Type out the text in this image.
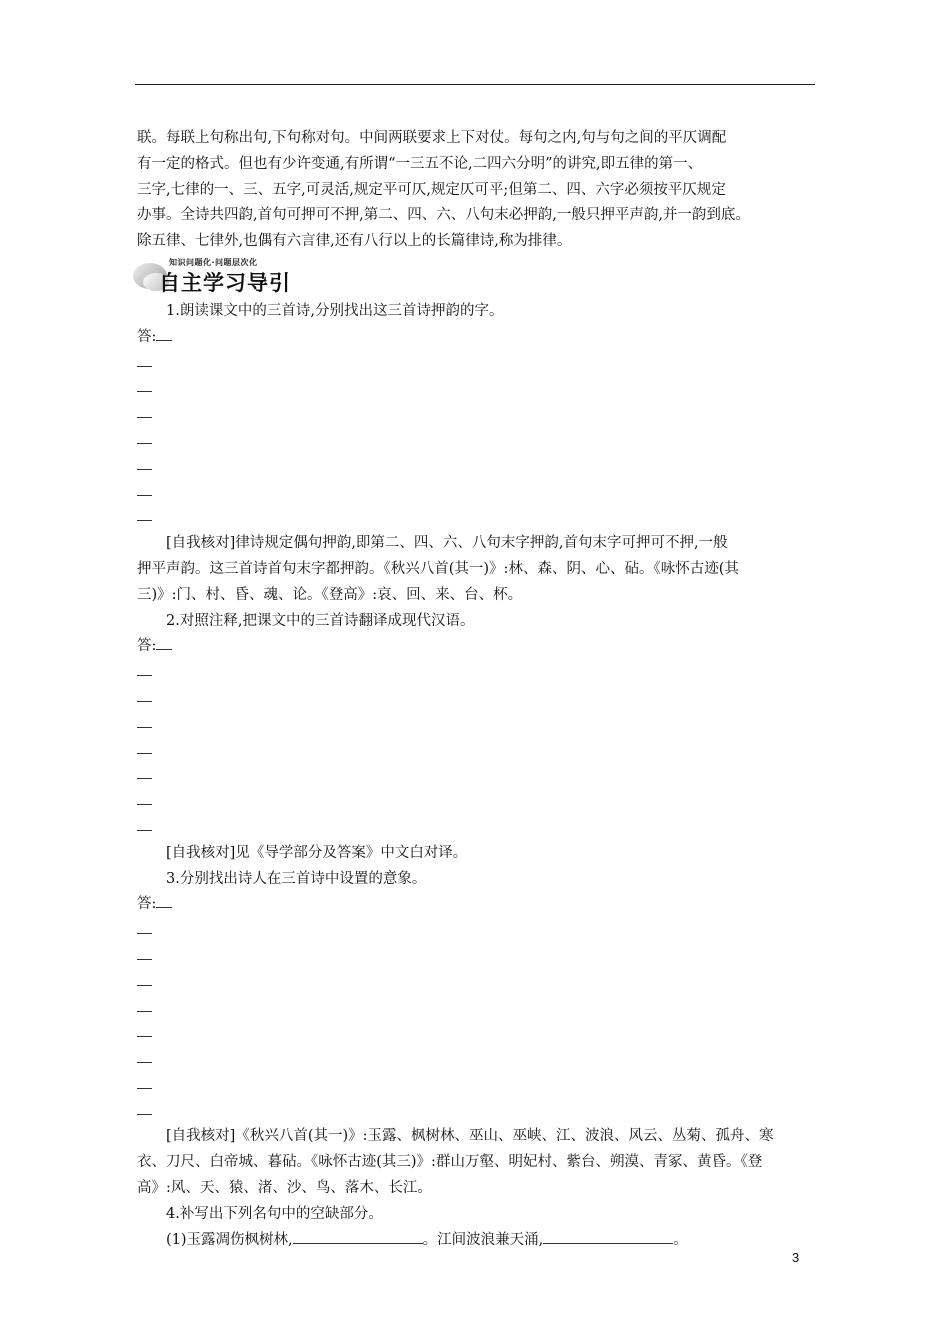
联。每联上句称出句,下句称对句。中间两联要求上下对仗。每句之内,句与句之间的平仄调配
有一定的格式。但也有少许变通,有所谓“一三五不论,二四六分明”的讲究,即五律的第一、
三字,七律的一、三、五字,可灵活,规定平可仄,规定仄可平;但第二、四、六字必须按平仄规定
办事。全诗共四韵,首句可押可不押,第二、四、六、八句末必押韵,一般只押平声韵,并一韵到底。
除五律、七律外,也偶有六言律,还有八行以上的长篇律诗,称为排律。
知识问题化·问题层次化
自主学习导引
1.朗读课文中的三首诗,分别找出这三首诗押韵的字。
答:
[自我核对]律诗规定偶句押韵,即第二、四、六、八句末字押韵,首句末字可押可不押,一般
押平声韵。这三首诗首句末字都押韵。《秋兴八首(其一)》:林、森、阴、心、砧。《咏怀古迹(其
三)》:门、村、昏、魂、论。《登高》:哀、回、来、台、杯。
2.对照注释,把课文中的三首诗翻译成现代汉语。
答:
[自我核对]见《导学部分及答案》中文白对译。
3.分别找出诗人在三首诗中设置的意象。
答:
[自我核对]《秋兴八首(其一)》:玉露、枫树林、巫山、巫峡、江、波浪、风云、丛菊、孤舟、寒
衣、刀尺、白帝城、暮砧。《咏怀古迹(其三)》:群山万壑、明妃村、紫台、朔漠、青冢、黄昏。《登
高》:风、天、猿、渚、沙、鸟、落木、长江。
4.补写出下列名句中的空缺部分。
(1)玉露凋伤枫树林,	。江间波浪兼天涌,	。
3
